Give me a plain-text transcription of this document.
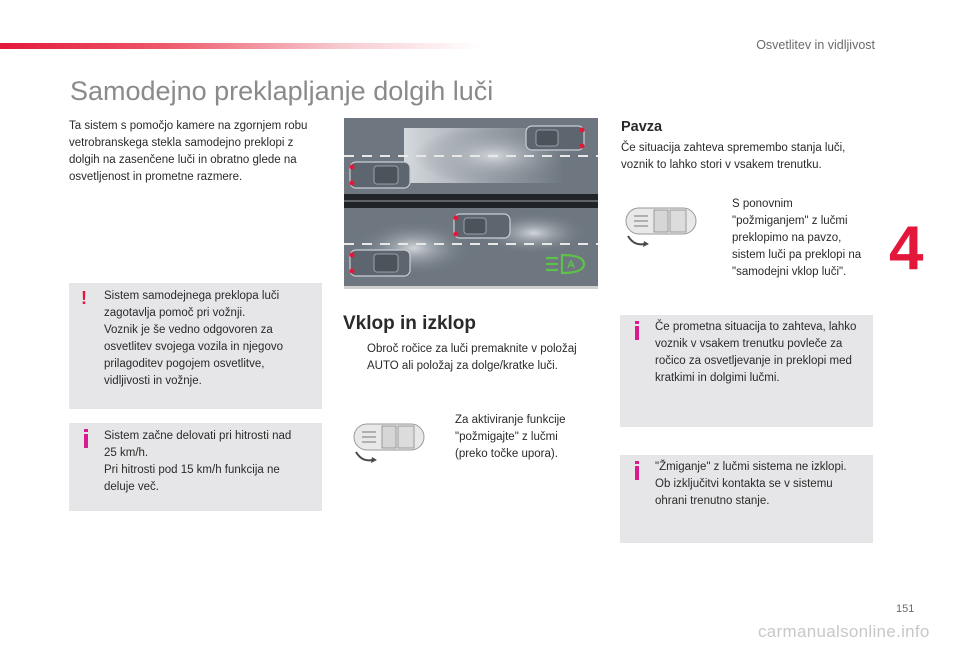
Osvetlitev in vidljivost
Samodejno preklapljanje dolgih luči
4
Ta sistem s pomočjo kamere na zgornjem robu vetrobranskega stekla samodejno preklopi z dolgih na zasenčene luči in obratno glede na osvetljenost in prometne razmere.
! Sistem samodejnega preklopa luči
zagotavlja pomoč pri vožnji.
Voznik je še vedno odgovoren za
osvetlitev svojega vozila in njegovo
prilagoditev pogojem osvetlitve,
vidljivosti in vožnje.
Sistem začne delovati pri hitrosti nad
25 km/h.
Pri hitrosti pod 15 km/h funkcija ne
deluje več.
A
Vklop in izklop
Obroč ročice za luči premaknite v položaj
AUTO ali položaj za dolge/kratke luči.
Za aktiviranje funkcije
"požmigajte" z lučmi
(preko točke upora).
Pavza
Če situacija zahteva spremembo stanja luči,
voznik to lahko stori v vsakem trenutku.
S ponovnim
"požmiganjem" z lučmi
preklopimo na pavzo,
sistem luči pa preklopi na
"samodejni vklop luči".
Če prometna situacija to zahteva, lahko
voznik v vsakem trenutku povleče za
ročico za osvetljevanje in preklopi med
kratkimi in dolgimi lučmi.
"Žmiganje" z lučmi sistema ne izklopi.
Ob izključitvi kontakta se v sistemu
ohrani trenutno stanje.
151
carmanualsonline.info
